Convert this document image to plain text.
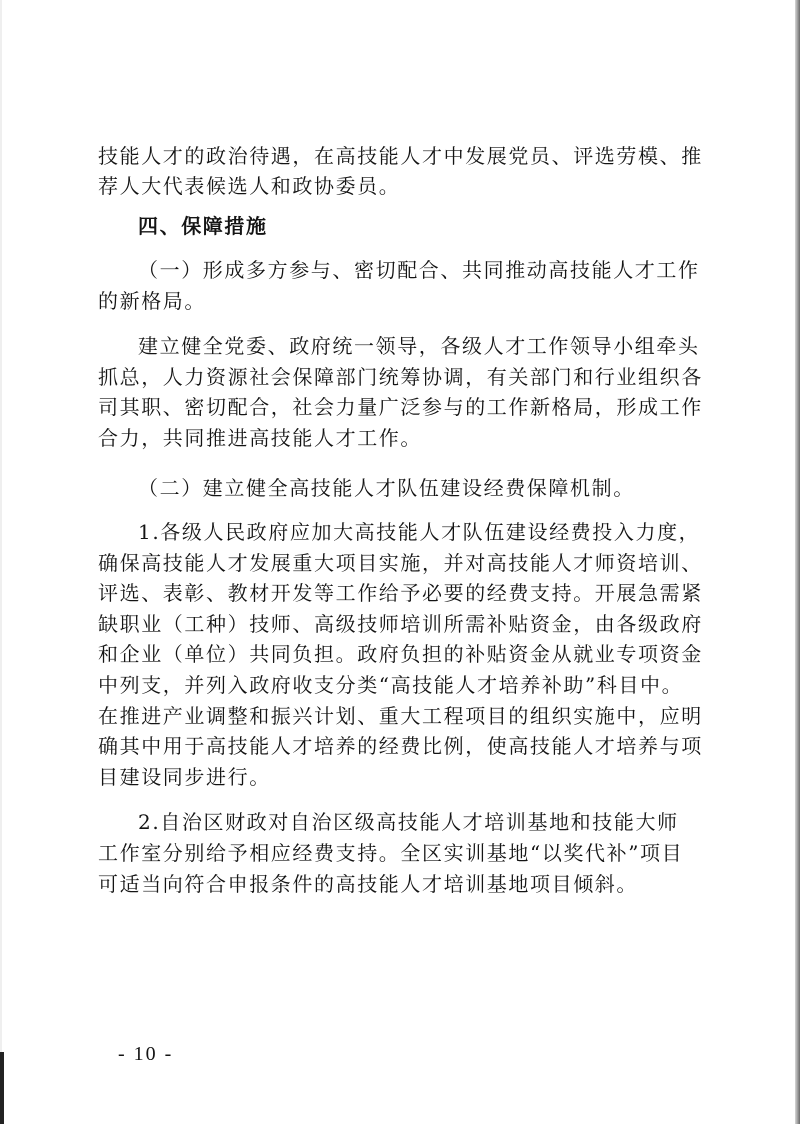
技能人才的政治待遇，在高技能人才中发展党员、评选劳模、推
荐人大代表候选人和政协委员。
四、保障措施
（一）形成多方参与、密切配合、共同推动高技能人才工作
的新格局。
建立健全党委、政府统一领导，各级人才工作领导小组牵头
抓总，人力资源社会保障部门统筹协调，有关部门和行业组织各
司其职、密切配合，社会力量广泛参与的工作新格局，形成工作
合力，共同推进高技能人才工作。
（二）建立健全高技能人才队伍建设经费保障机制。
1.各级人民政府应加大高技能人才队伍建设经费投入力度，
确保高技能人才发展重大项目实施，并对高技能人才师资培训、
评选、表彰、教材开发等工作给予必要的经费支持。开展急需紧
缺职业（工种）技师、高级技师培训所需补贴资金，由各级政府
和企业（单位）共同负担。政府负担的补贴资金从就业专项资金
中列支，并列入政府收支分类“高技能人才培养补助”科目中。
在推进产业调整和振兴计划、重大工程项目的组织实施中，应明
确其中用于高技能人才培养的经费比例，使高技能人才培养与项
目建设同步进行。
2.自治区财政对自治区级高技能人才培训基地和技能大师
工作室分别给予相应经费支持。全区实训基地“以奖代补”项目
可适当向符合申报条件的高技能人才培训基地项目倾斜。
- 10 -
